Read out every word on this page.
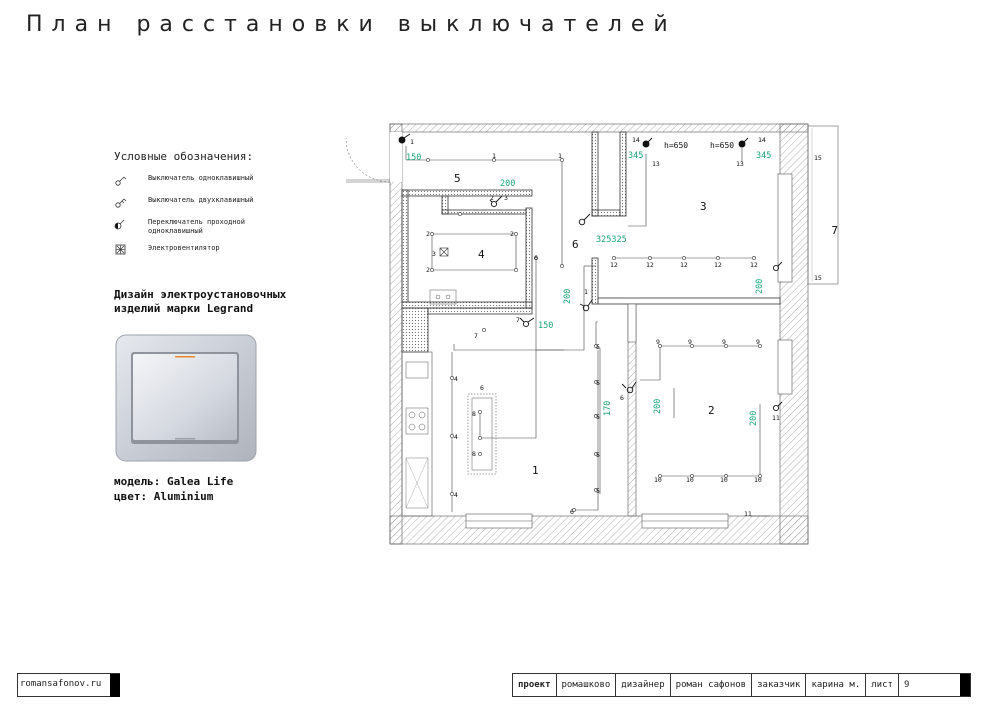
План расстановки выключателей
Условные обозначения:
Выключатель одноклавишный
Выключатель двухклавишный
Переключатель проходной одноклавишный
Электровентилятор
Дизайн электроустановочных
изделий марки Legrand
модель: Galea Life
цвет: Aluminium
1
2
3
4
5
6
7
h=650	h=650
150
200
345	345
325325
200
200
150
170	200
200
12	12	12	12	12
9	9	9	9
10	10	10	10
5
5
5
5
5
4
4
4
1
1	1
1
2	2
2
2 3
3
8
8
6
6
6
6
7
7
11
11
13	13
14	14
15
15
romansafonov.ru	проект	ромашково	дизайнер	роман сафонов	заказчик	карина м.	лист	9
